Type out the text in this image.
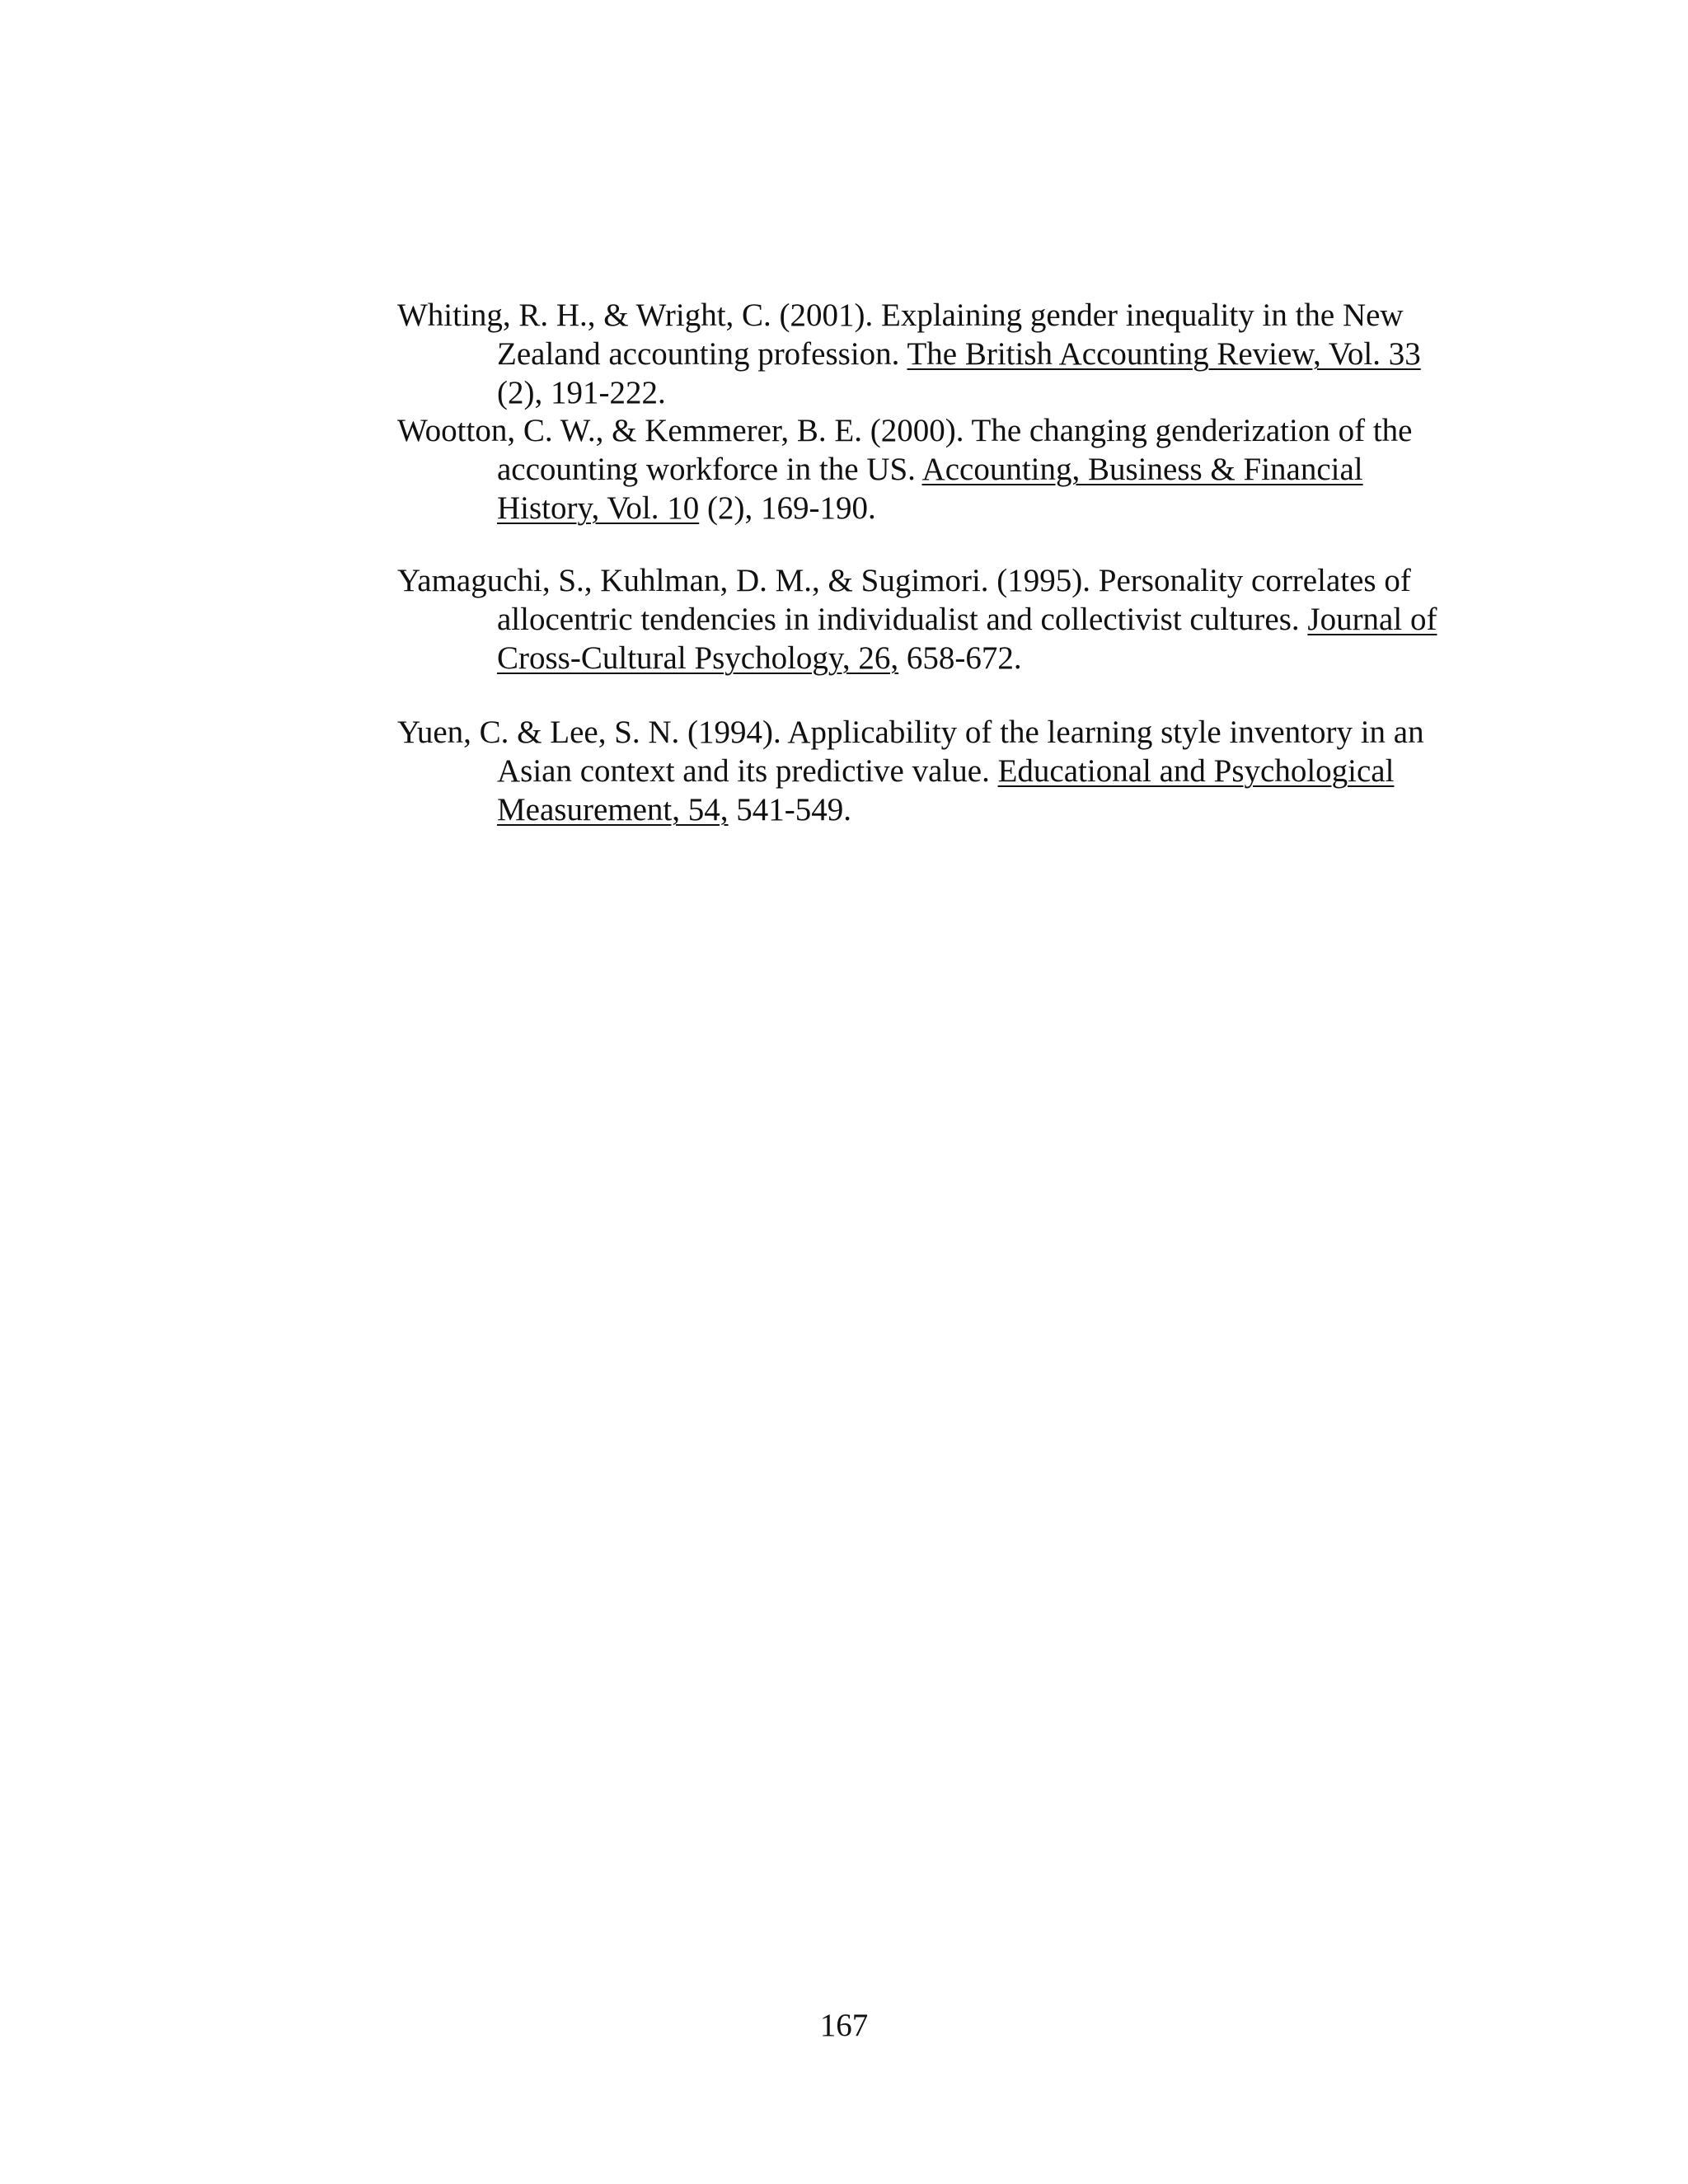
Whiting, R. H., & Wright, C. (2001). Explaining gender inequality in the New
Zealand accounting profession. The British Accounting Review, Vol. 33
(2), 191-222.
Wootton, C. W., & Kemmerer, B. E. (2000). The changing genderization of the
accounting workforce in the US. Accounting, Business & Financial
History, Vol. 10 (2), 169-190.
Yamaguchi, S., Kuhlman, D. M., & Sugimori. (1995). Personality correlates of
allocentric tendencies in individualist and collectivist cultures. Journal of
Cross-Cultural Psychology, 26, 658-672.
Yuen, C. & Lee, S. N. (1994). Applicability of the learning style inventory in an
Asian context and its predictive value. Educational and Psychological
Measurement, 54, 541-549.

167
